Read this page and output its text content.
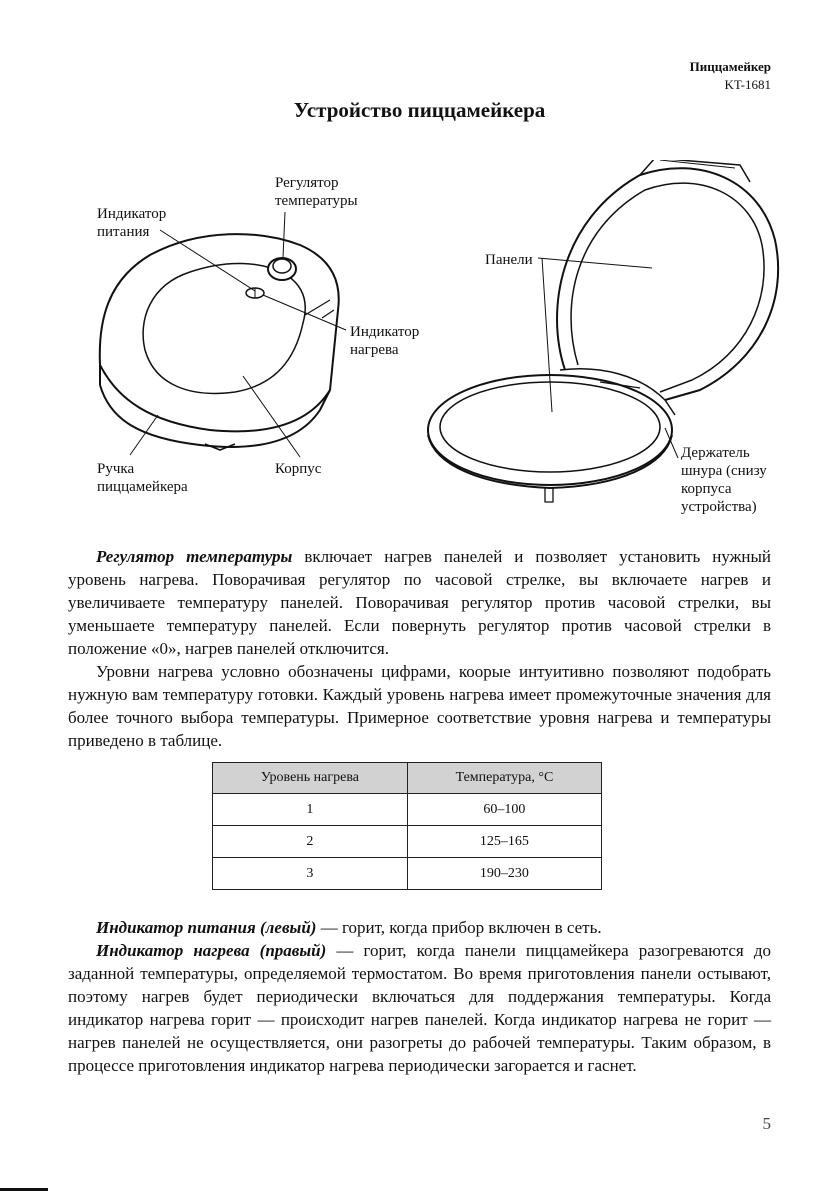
Пиццамейкер
KT-1681
Устройство пиццамейкера
Индикатор питания
Регулятор температуры
Индикатор нагрева
Ручка пиццамейкера
Корпус
Панели
Держатель шнура (снизу корпуса устройства)

Регулятор температуры включает нагрев панелей и позволяет установить нужный уровень нагрева. Поворачивая регулятор по часовой стрелке, вы включаете нагрев и увеличиваете температуру панелей. Поворачивая регулятор против часовой стрелки, вы уменьшаете температуру панелей. Если повернуть регулятор против часовой стрелки в положение «0», нагрев панелей отключится.

Уровни нагрева условно обозначены цифрами, коорые интуитивно позволяют подобрать нужную вам температуру готовки. Каждый уровень нагрева имеет промежуточные значения для более точного выбора температуры. Примерное соответствие уровня нагрева и температуры приведено в таблице.

Уровень нагрева	Температура, °С
1	60–100
2	125–165
3	190–230

Индикатор питания (левый) — горит, когда прибор включен в сеть.

Индикатор нагрева (правый) — горит, когда панели пиццамейкера разогреваются до заданной температуры, определяемой термостатом. Во время приготовления панели остывают, поэтому нагрев будет периодически включаться для поддержания температуры. Когда индикатор нагрева горит — происходит нагрев панелей. Когда индикатор нагрева не горит — нагрев панелей не осуществляется, они разогреты до рабочей температуры. Таким образом, в процессе приготовления индикатор нагрева периодически загорается и гаснет.

5
